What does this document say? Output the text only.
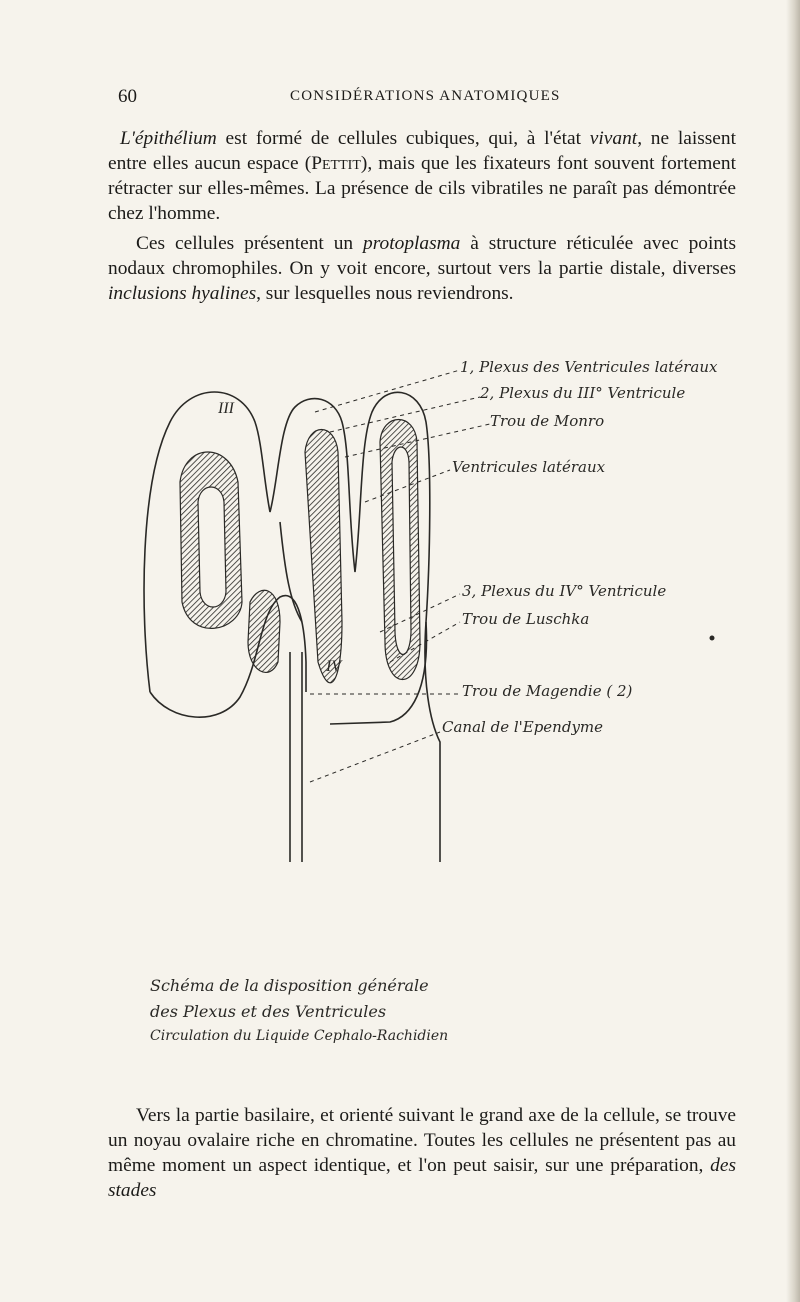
60	CONSIDÉRATIONS ANATOMIQUES

L'épithélium est formé de cellules cubiques, qui, à l'état vivant, ne laissent entre elles aucun espace (Pettit), mais que les fixateurs font souvent fortement rétracter sur elles-mêmes. La présence de cils vibratiles ne paraît pas démontrée chez l'homme.

Ces cellules présentent un protoplasma à structure réticulée avec points nodaux chromophiles. On y voit encore, surtout vers la partie distale, diverses inclusions hyalines, sur lesquelles nous reviendrons.

1, Plexus des Ventricules latéraux
2, Plexus du III° Ventricule
Trou de Monro
Ventricules latéraux
3, Plexus du IV° Ventricule
Trou de Luschka
Trou de Magendie ( 2)
Canal de l'Ependyme
III
IV
Schéma de la disposition générale
des Plexus et des Ventricules
Circulation du Liquide Cephalo-Rachidien

Vers la partie basilaire, et orienté suivant le grand axe de la cellule, se trouve un noyau ovalaire riche en chromatine. Toutes les cellules ne présentent pas au même moment un aspect identique, et l'on peut saisir, sur une préparation, des stades
